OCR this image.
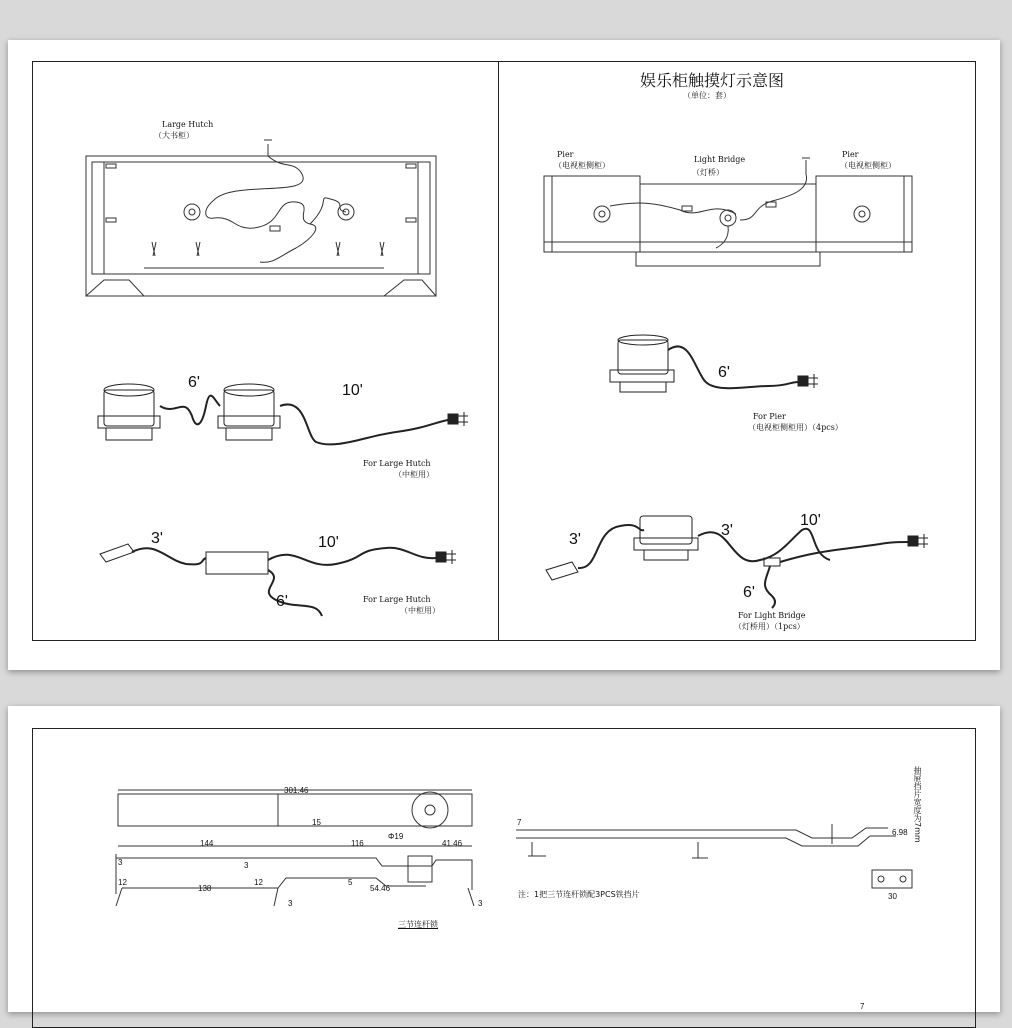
娱乐柜触摸灯示意图
（单位：套）
Large Hutch
（大书柜）
6'	10'
For Large Hutch
（中柜用）
3'	10'
6'	For Large Hutch
（中柜用）
Pier
（电视柜侧柜）
Light Bridge
（灯桥）
Pier
（电视柜侧柜）
6'
For Pier
（电视柜侧柜用）（4pcs）
3'
3'
10'
6'
For Light Bridge
（灯桥用）（1pcs）
301.46
15
144	116	41.46
138	54.46
3	3
3	3
12	12	5
Φ19
三节连杆锁
7
注：1把三节连杆锁配3PCS铁挡片	30
6.98
7
抽屉挡片宽度为7mm
